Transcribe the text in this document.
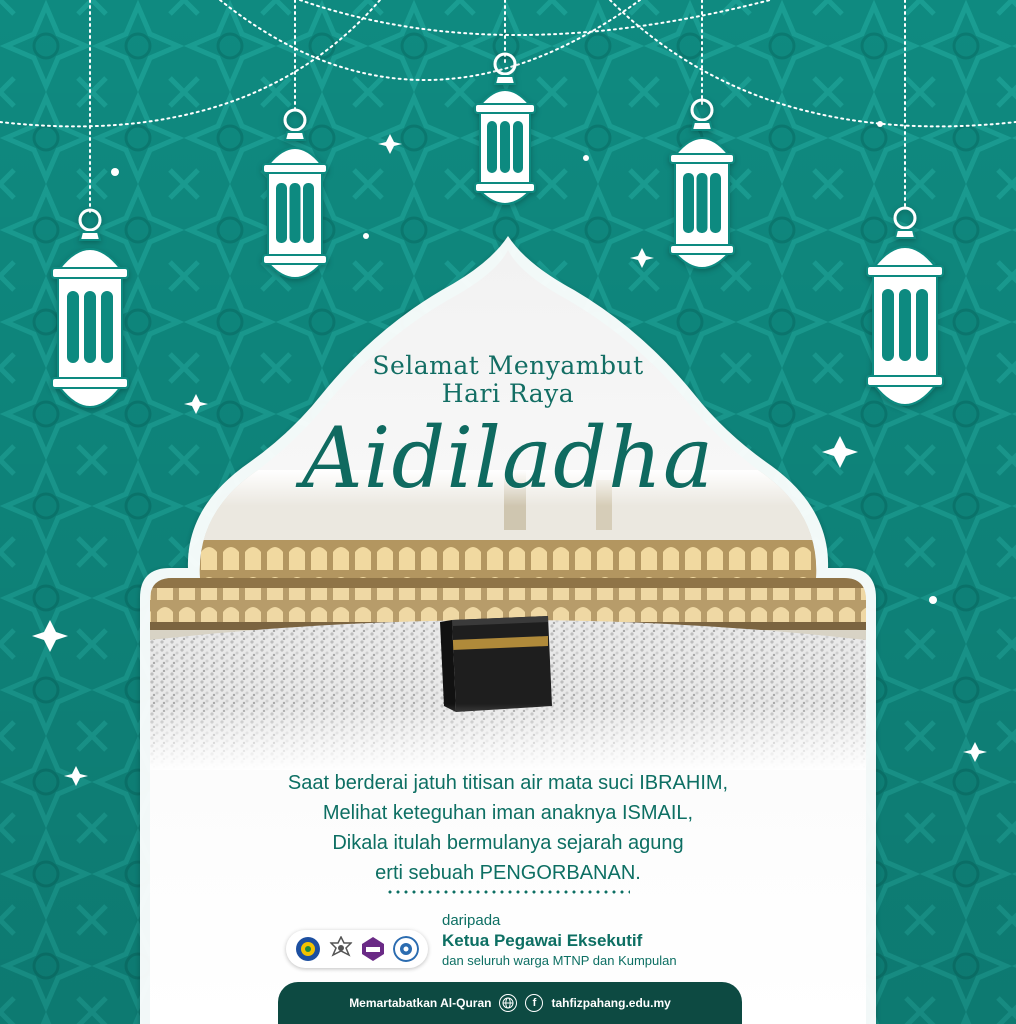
Selamat Menyambut
Hari Raya
Aidiladha
Saat berderai jatuh titisan air mata suci IBRAHIM,
Melihat keteguhan iman anaknya ISMAIL,
Dikala itulah bermulanya sejarah agung
erti sebuah PENGORBANAN.
daripada
Ketua Pegawai Eksekutif
dan seluruh warga MTNP dan Kumpulan
Memartabatkan Al-Quran	f	tahfizpahang.edu.my
